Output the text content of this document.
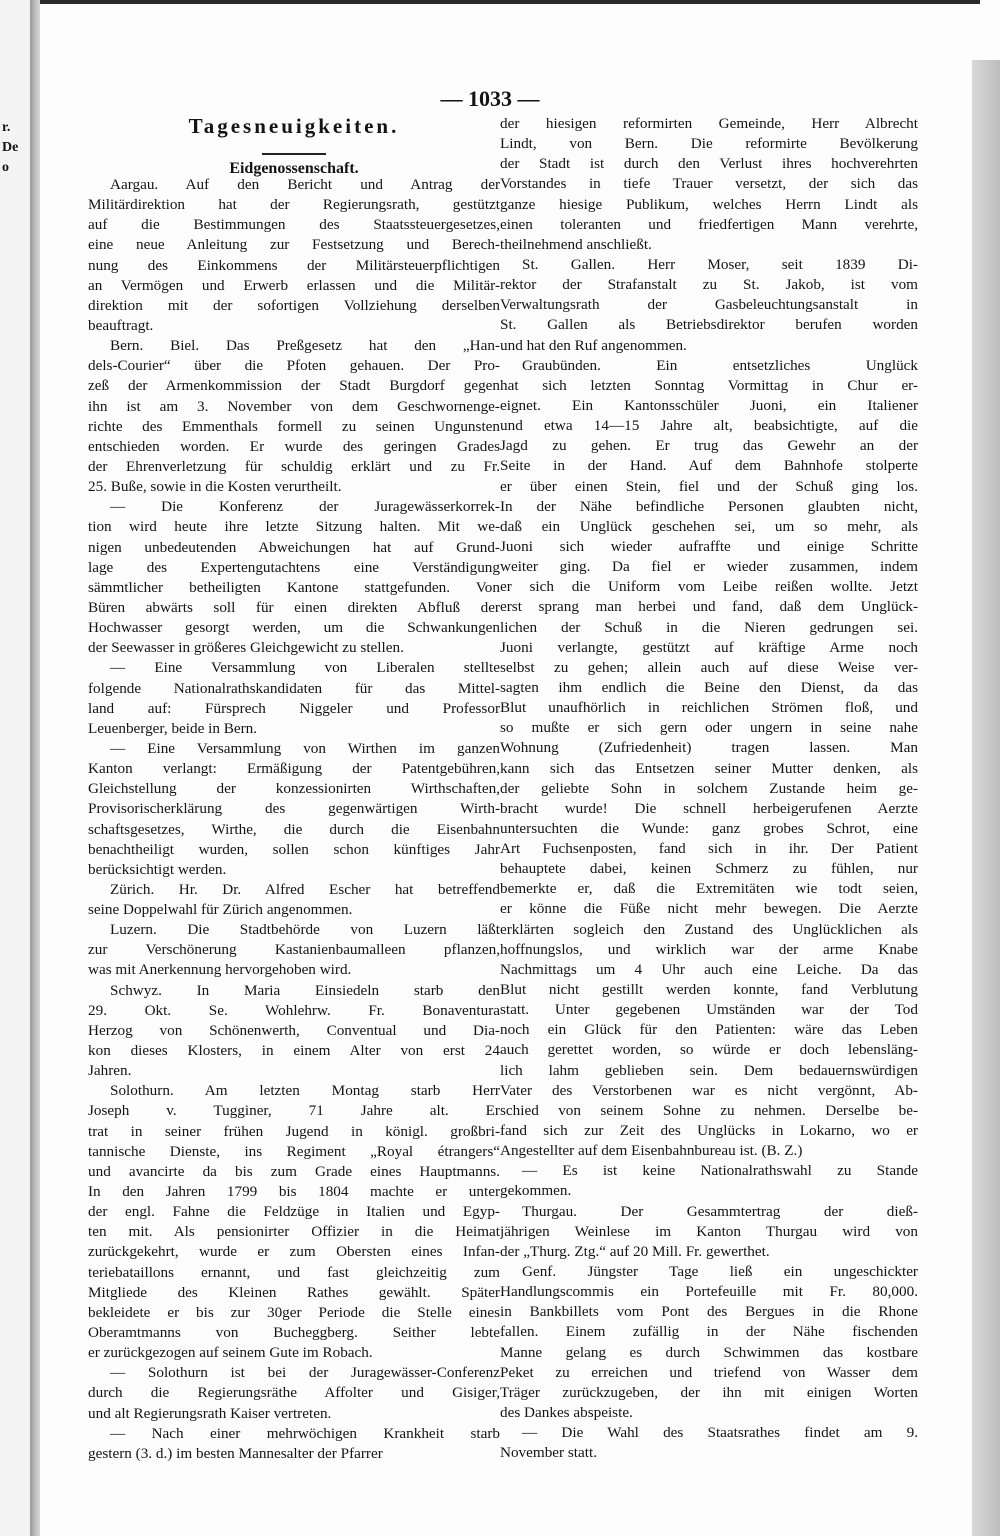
r.
De
o
— 1033 —
Tagesneuigkeiten.
Eidgenossenschaft.
Aargau. Auf den Bericht und Antrag der
Militärdirektion hat der Regierungsrath, gestützt
auf die Bestimmungen des Staatssteuergesetzes,
eine neue Anleitung zur Festsetzung und Berech-
nung des Einkommens der Militärsteuerpflichtigen
an Vermögen und Erwerb erlassen und die Militär-
direktion mit der sofortigen Vollziehung derselben
beauftragt.
Bern. Biel. Das Preßgesetz hat den „Han-
dels-Courier“ über die Pfoten gehauen. Der Pro-
zeß der Armenkommission der Stadt Burgdorf gegen
ihn ist am 3. November von dem Geschwornenge-
richte des Emmenthals formell zu seinen Ungunsten
entschieden worden. Er wurde des geringen Grades
der Ehrenverletzung für schuldig erklärt und zu Fr.
25. Buße, sowie in die Kosten verurtheilt.
— Die Konferenz der Juragewässerkorrek-
tion wird heute ihre letzte Sitzung halten. Mit we-
nigen unbedeutenden Abweichungen hat auf Grund-
lage des Expertengutachtens eine Verständigung
sämmtlicher betheiligten Kantone stattgefunden. Von
Büren abwärts soll für einen direkten Abfluß der
Hochwasser gesorgt werden, um die Schwankungen
der Seewasser in größeres Gleichgewicht zu stellen.
— Eine Versammlung von Liberalen stellte
folgende Nationalrathskandidaten für das Mittel-
land auf: Fürsprech Niggeler und Professor
Leuenberger, beide in Bern.
— Eine Versammlung von Wirthen im ganzen
Kanton verlangt: Ermäßigung der Patentgebühren,
Gleichstellung der konzessionirten Wirthschaften,
Provisorischerklärung des gegenwärtigen Wirth-
schaftsgesetzes, Wirthe, die durch die Eisenbahn
benachtheiligt wurden, sollen schon künftiges Jahr
berücksichtigt werden.
Zürich. Hr. Dr. Alfred Escher hat betreffend
seine Doppelwahl für Zürich angenommen.
Luzern. Die Stadtbehörde von Luzern läßt
zur Verschönerung Kastanienbaumalleen pflanzen,
was mit Anerkennung hervorgehoben wird.
Schwyz. In Maria Einsiedeln starb den
29. Okt. Se. Wohlehrw. Fr. Bonaventura
Herzog von Schönenwerth, Conventual und Dia-
kon dieses Klosters, in einem Alter von erst 24
Jahren.
Solothurn. Am letzten Montag starb Herr
Joseph v. Tugginer, 71 Jahre alt. Er
trat in seiner frühen Jugend in königl. großbri-
tannische Dienste, ins Regiment „Royal étrangers“
und avancirte da bis zum Grade eines Hauptmanns.
In den Jahren 1799 bis 1804 machte er unter
der engl. Fahne die Feldzüge in Italien und Egyp-
ten mit. Als pensionirter Offizier in die Heimat
zurückgekehrt, wurde er zum Obersten eines Infan-
teriebataillons ernannt, und fast gleichzeitig zum
Mitgliede des Kleinen Rathes gewählt. Später
bekleidete er bis zur 30ger Periode die Stelle eines
Oberamtmanns von Bucheggberg. Seither lebte
er zurückgezogen auf seinem Gute im Robach.
— Solothurn ist bei der Juragewässer-Conferenz
durch die Regierungsräthe Affolter und Gisiger,
und alt Regierungsrath Kaiser vertreten.
— Nach einer mehrwöchigen Krankheit starb
gestern (3. d.) im besten Mannesalter der Pfarrer
der hiesigen reformirten Gemeinde, Herr Albrecht
Lindt, von Bern. Die reformirte Bevölkerung
der Stadt ist durch den Verlust ihres hochverehrten
Vorstandes in tiefe Trauer versetzt, der sich das
ganze hiesige Publikum, welches Herrn Lindt als
einen toleranten und friedfertigen Mann verehrte,
theilnehmend anschließt.
St. Gallen. Herr Moser, seit 1839 Di-
rektor der Strafanstalt zu St. Jakob, ist vom
Verwaltungsrath der Gasbeleuchtungsanstalt in
St. Gallen als Betriebsdirektor berufen worden
und hat den Ruf angenommen.
Graubünden. Ein entsetzliches Unglück
hat sich letzten Sonntag Vormittag in Chur er-
eignet. Ein Kantonsschüler Juoni, ein Italiener
und etwa 14—15 Jahre alt, beabsichtigte, auf die
Jagd zu gehen. Er trug das Gewehr an der
Seite in der Hand. Auf dem Bahnhofe stolperte
er über einen Stein, fiel und der Schuß ging los.
In der Nähe befindliche Personen glaubten nicht,
daß ein Unglück geschehen sei, um so mehr, als
Juoni sich wieder aufraffte und einige Schritte
weiter ging. Da fiel er wieder zusammen, indem
er sich die Uniform vom Leibe reißen wollte. Jetzt
erst sprang man herbei und fand, daß dem Unglück-
lichen der Schuß in die Nieren gedrungen sei.
Juoni verlangte, gestützt auf kräftige Arme noch
selbst zu gehen; allein auch auf diese Weise ver-
sagten ihm endlich die Beine den Dienst, da das
Blut unaufhörlich in reichlichen Strömen floß, und
so mußte er sich gern oder ungern in seine nahe
Wohnung (Zufriedenheit) tragen lassen. Man
kann sich das Entsetzen seiner Mutter denken, als
der geliebte Sohn in solchem Zustande heim ge-
bracht wurde! Die schnell herbeigerufenen Aerzte
untersuchten die Wunde: ganz grobes Schrot, eine
Art Fuchsenposten, fand sich in ihr. Der Patient
behauptete dabei, keinen Schmerz zu fühlen, nur
bemerkte er, daß die Extremitäten wie todt seien,
er könne die Füße nicht mehr bewegen. Die Aerzte
erklärten sogleich den Zustand des Unglücklichen als
hoffnungslos, und wirklich war der arme Knabe
Nachmittags um 4 Uhr auch eine Leiche. Da das
Blut nicht gestillt werden konnte, fand Verblutung
statt. Unter gegebenen Umständen war der Tod
noch ein Glück für den Patienten: wäre das Leben
auch gerettet worden, so würde er doch lebensläng-
lich lahm geblieben sein. Dem bedauernswürdigen
Vater des Verstorbenen war es nicht vergönnt, Ab-
schied von seinem Sohne zu nehmen. Derselbe be-
fand sich zur Zeit des Unglücks in Lokarno, wo er
Angestellter auf dem Eisenbahnbureau ist. (B. Z.)
— Es ist keine Nationalrathswahl zu Stande
gekommen.
Thurgau. Der Gesammtertrag der dieß-
jährigen Weinlese im Kanton Thurgau wird von
der „Thurg. Ztg.“ auf 20 Mill. Fr. gewerthet.
Genf. Jüngster Tage ließ ein ungeschickter
Handlungscommis ein Portefeuille mit Fr. 80,000.
in Bankbillets vom Pont des Bergues in die Rhone
fallen. Einem zufällig in der Nähe fischenden
Manne gelang es durch Schwimmen das kostbare
Peket zu erreichen und triefend von Wasser dem
Träger zurückzugeben, der ihn mit einigen Worten
des Dankes abspeiste.
— Die Wahl des Staatsrathes findet am 9.
November statt.
